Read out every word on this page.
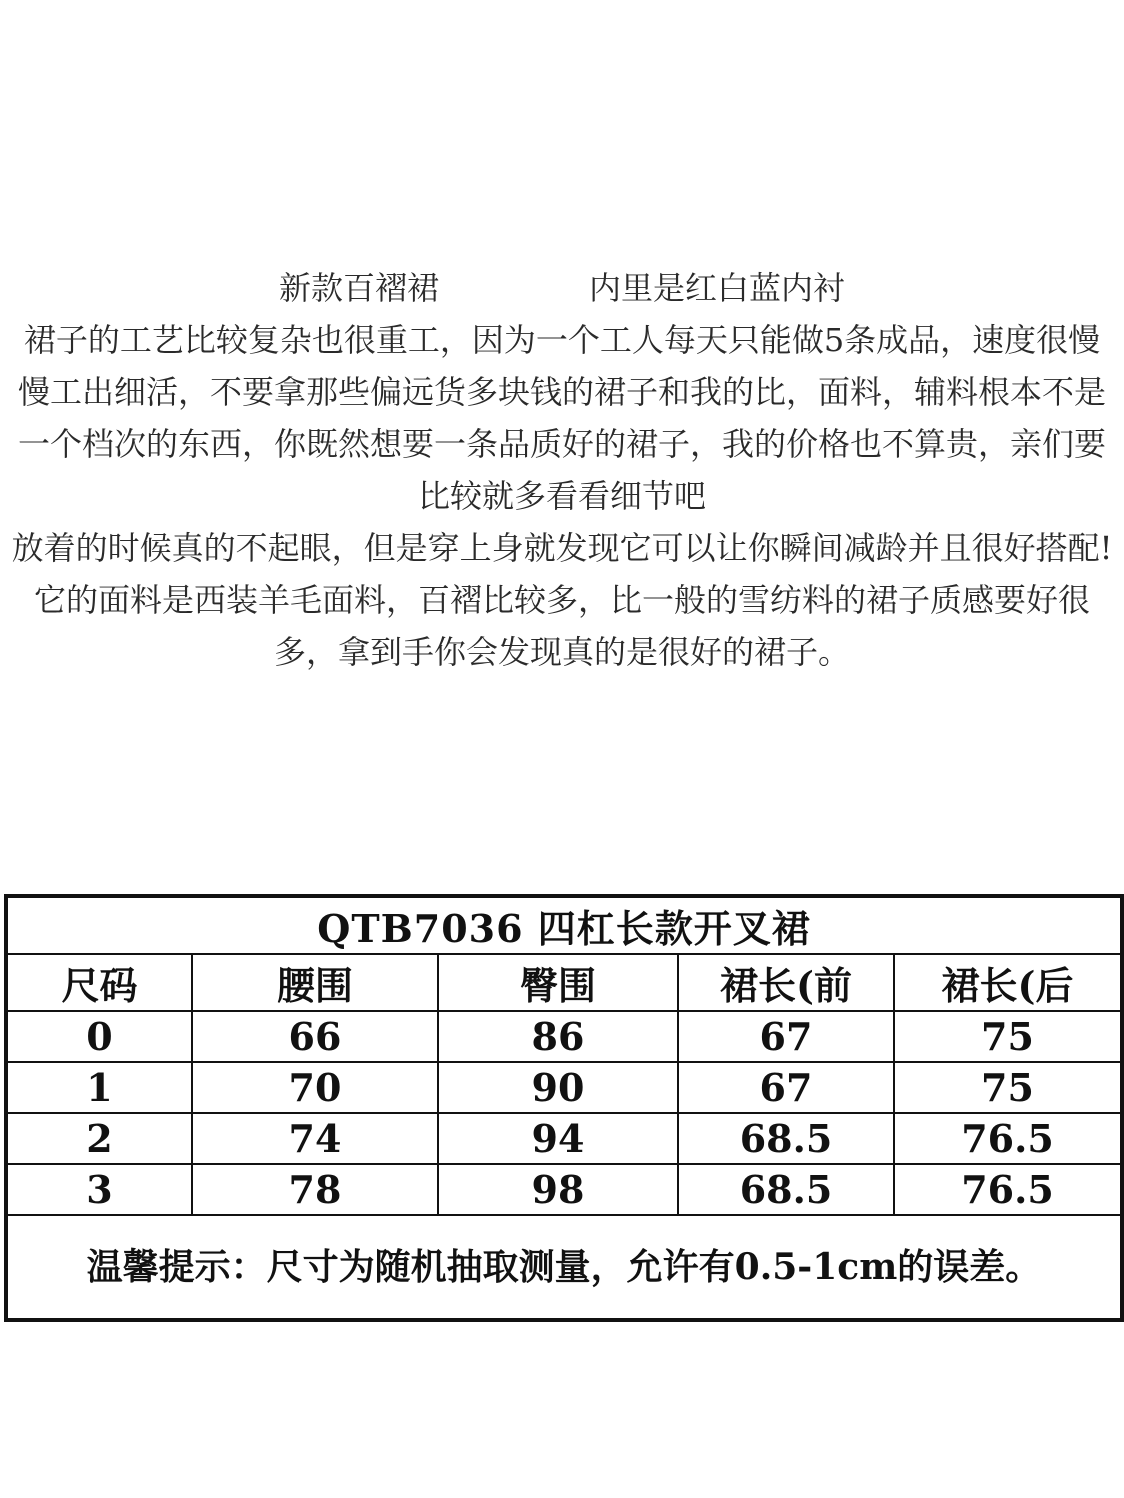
新款百褶裙	内里是红白蓝内衬

裙子的工艺比较复杂也很重工，因为一个工人每天只能做5条成品，速度很慢

慢工出细活，不要拿那些偏远货多块钱的裙子和我的比，面料，辅料根本不是一个档次的东西，你既然想要一条品质好的裙子，我的价格也不算贵，亲们要比较就多看看细节吧

放着的时候真的不起眼，但是穿上身就发现它可以让你瞬间减龄并且很好搭配!

它的面料是西装羊毛面料，百褶比较多，比一般的雪纺料的裙子质感要好很多，拿到手你会发现真的是很好的裙子。

QTB7036 四杠长款开叉裙				
尺码	腰围	臀围	裙长(前	裙长(后
0	66	86	67	75
1	70	90	67	75
2	74	94	68.5	76.5
3	78	98	68.5	76.5
温馨提示：尺寸为随机抽取测量，允许有0.5-1cm的误差。				
